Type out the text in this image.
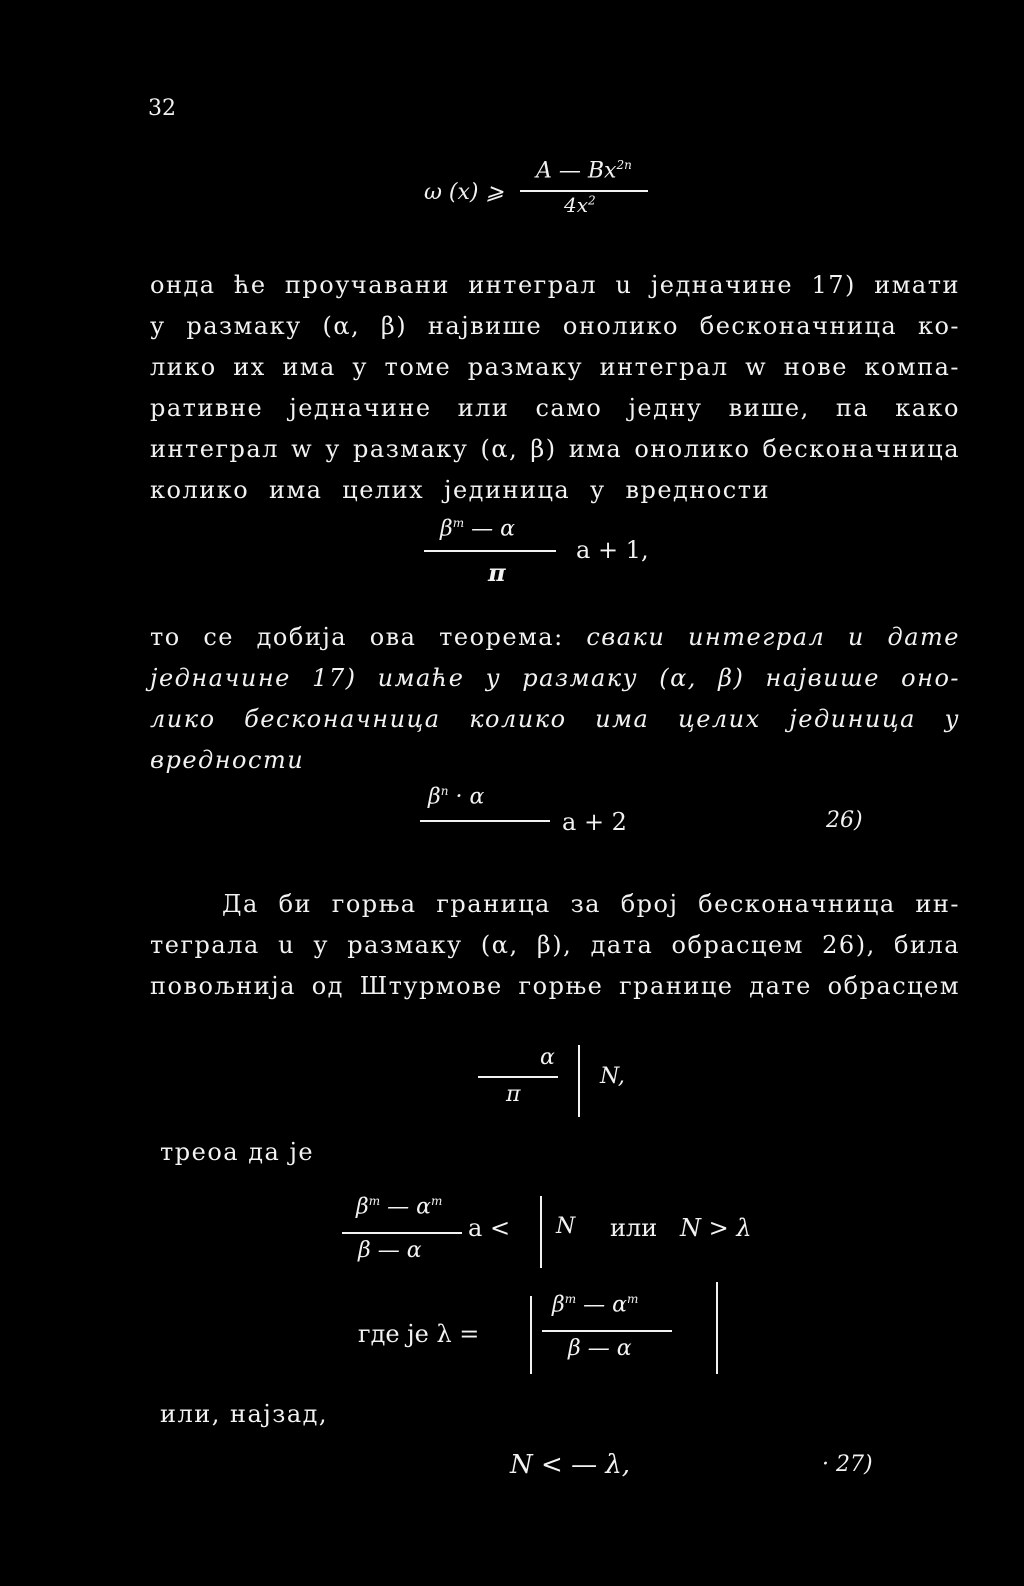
32
ω (x) ⩾
A — $Bx^{2n}$
$4x^2$
онда ће проучавани интеграл u једначине 17) имати
у размаку (α, β) највише онолико бесконачница ко-
лико их има у томе размаку интеграл w нове компа-
ративне једначине или само једну више, па како
интеграл w у размаку (α, β) има онолико бесконачница
колико има целих јединица у вредности
$\beta^m$ — α
π
a + 1,
то се добија ова теорема: сваки интеграл u дате
једначине 17) имаће у размаку (α, β) највише оно-
лико бесконачница колико има целих јединица у
вредности
$\beta^n \cdot \alpha$
a + 2	26)
Да би горња граница за број бесконачница ин-
теграла u у размаку (α, β), дата обрасцем 26), била
повољнија од Штурмове горње границе дате обрасцем
α
π
N,
треоа да је
$\beta^m$ — $\alpha^m$
β — α
a < N или N > λ
где је λ =
$\beta^m$ — $\alpha^m$
β — α
или, најзад,
N < — λ,	· 27)
